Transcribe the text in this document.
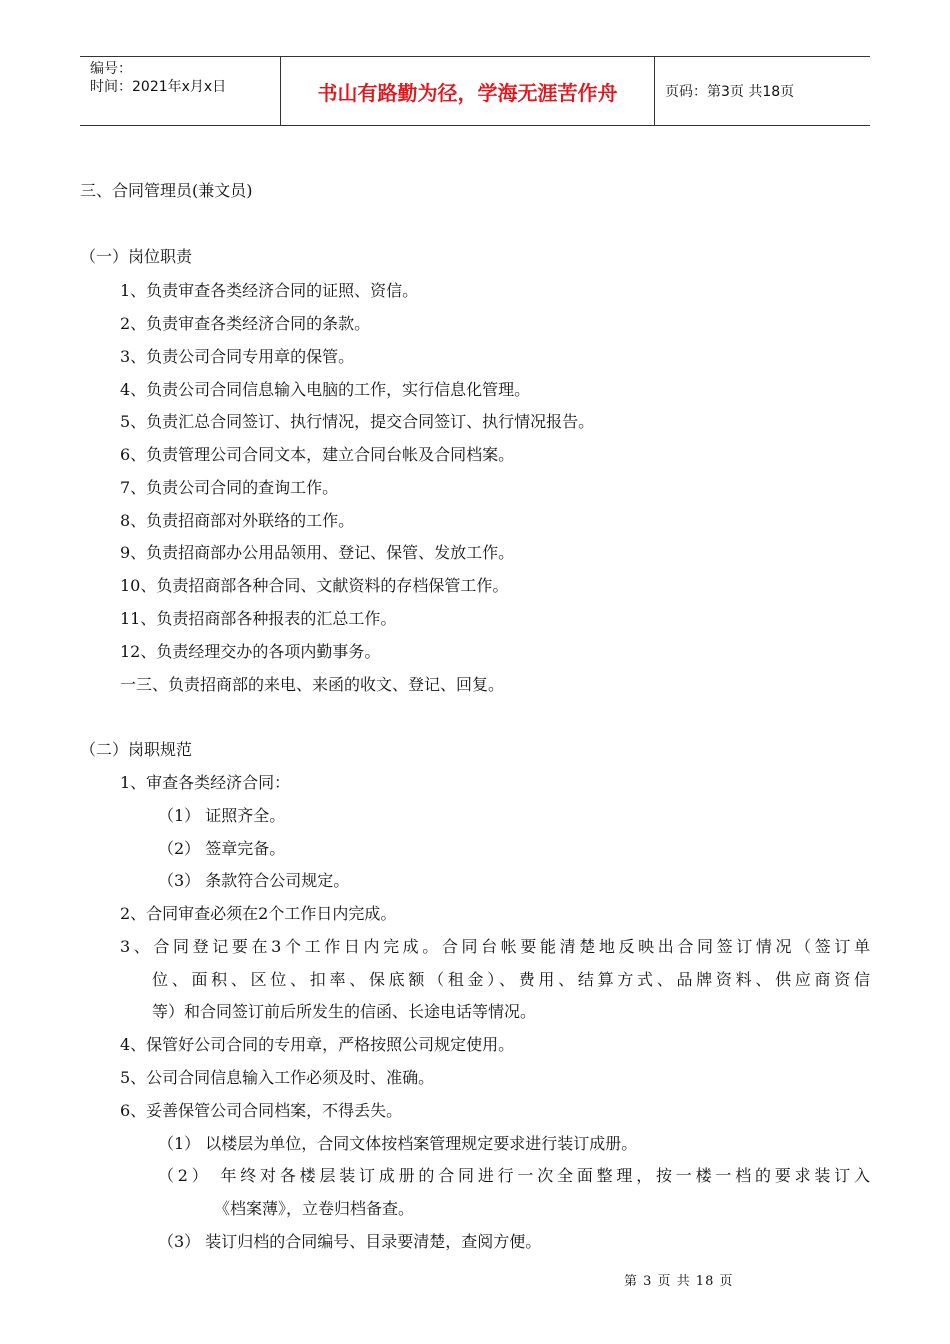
编号：
时间：2021年x月x日	书山有路勤为径，学海无涯苦作舟	页码：第3页 共18页
三、合同管理员(兼文员)
（一）岗位职责
1、负责审查各类经济合同的证照、资信。
2、负责审查各类经济合同的条款。
3、负责公司合同专用章的保管。
4、负责公司合同信息输入电脑的工作，实行信息化管理。
5、负责汇总合同签订、执行情况，提交合同签订、执行情况报告。
6、负责管理公司合同文本，建立合同台帐及合同档案。
7、负责公司合同的查询工作。
8、负责招商部对外联络的工作。
9、负责招商部办公用品领用、登记、保管、发放工作。
10、负责招商部各种合同、文献资料的存档保管工作。
11、负责招商部各种报表的汇总工作。
12、负责经理交办的各项内勤事务。
一三、负责招商部的来电、来函的收文、登记、回复。
（二）岗职规范
1、审查各类经济合同：
（1） 证照齐全。
（2） 签章完备。
（3） 条款符合公司规定。
2、合同审查必须在2个工作日内完成。
3、合同登记要在3个工作日内完成。合同台帐要能清楚地反映出合同签订情况（签订单
位、面积、区位、扣率、保底额（租金）、费用、结算方式、品牌资料、供应商资信
等）和合同签订前后所发生的信函、长途电话等情况。
4、保管好公司合同的专用章，严格按照公司规定使用。
5、公司合同信息输入工作必须及时、准确。
6、妥善保管公司合同档案，不得丢失。
（1） 以楼层为单位，合同文体按档案管理规定要求进行装订成册。
（2） 年终对各楼层装订成册的合同进行一次全面整理，按一楼一档的要求装订入
《档案薄》，立卷归档备查。
（3） 装订归档的合同编号、目录要清楚，查阅方便。
第 3 页 共 18 页
